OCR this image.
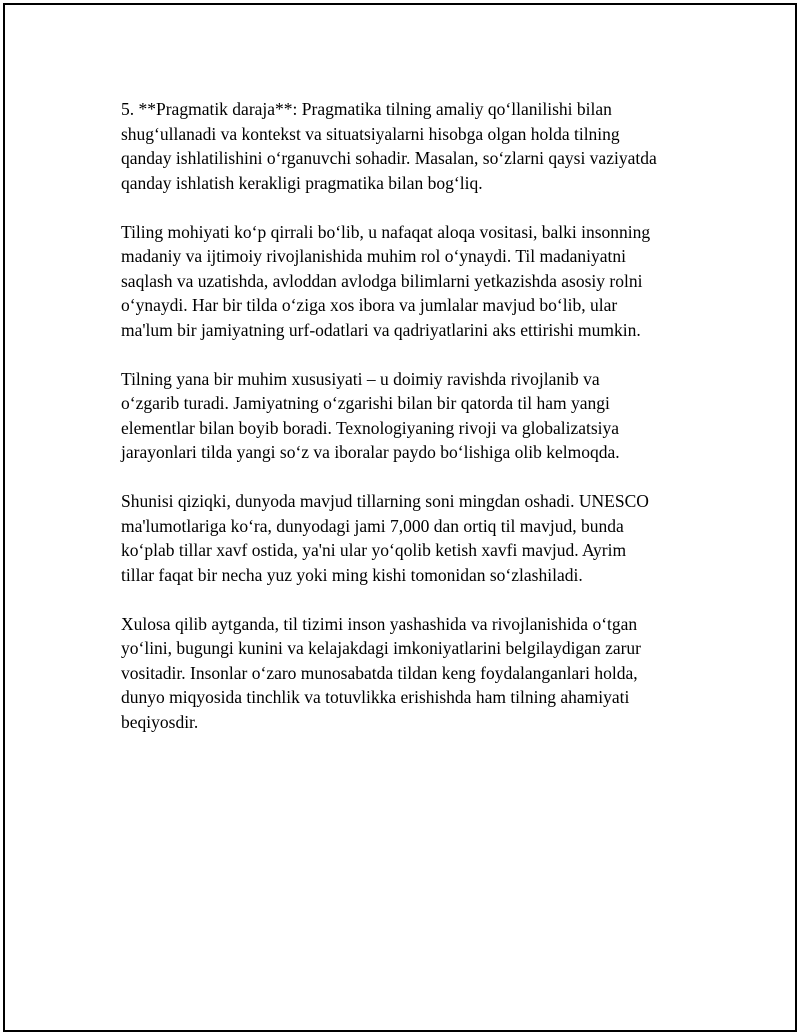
5. **Pragmatik daraja**: Pragmatika tilning amaliy qo‘llanilishi bilan
shug‘ullanadi va kontekst va situatsiyalarni hisobga olgan holda tilning
qanday ishlatilishini o‘rganuvchi sohadir. Masalan, so‘zlarni qaysi vaziyatda
qanday ishlatish kerakligi pragmatika bilan bog‘liq.

Tiling mohiyati ko‘p qirrali bo‘lib, u nafaqat aloqa vositasi, balki insonning
madaniy va ijtimoiy rivojlanishida muhim rol o‘ynaydi. Til madaniyatni
saqlash va uzatishda, avloddan avlodga bilimlarni yetkazishda asosiy rolni
o‘ynaydi. Har bir tilda o‘ziga xos ibora va jumlalar mavjud bo‘lib, ular
ma'lum bir jamiyatning urf-odatlari va qadriyatlarini aks ettirishi mumkin.

Tilning yana bir muhim xususiyati – u doimiy ravishda rivojlanib va
o‘zgarib turadi. Jamiyatning o‘zgarishi bilan bir qatorda til ham yangi
elementlar bilan boyib boradi. Texnologiyaning rivoji va globalizatsiya
jarayonlari tilda yangi so‘z va iboralar paydo bo‘lishiga olib kelmoqda.

Shunisi qiziqki, dunyoda mavjud tillarning soni mingdan oshadi. UNESCO
ma'lumotlariga ko‘ra, dunyodagi jami 7,000 dan ortiq til mavjud, bunda
ko‘plab tillar xavf ostida, ya'ni ular yo‘qolib ketish xavfi mavjud. Ayrim
tillar faqat bir necha yuz yoki ming kishi tomonidan so‘zlashiladi.

Xulosa qilib aytganda, til tizimi inson yashashida va rivojlanishida o‘tgan
yo‘lini, bugungi kunini va kelajakdagi imkoniyatlarini belgilaydigan zarur
vositadir. Insonlar o‘zaro munosabatda tildan keng foydalanganlari holda,
dunyo miqyosida tinchlik va totuvlikka erishishda ham tilning ahamiyati
beqiyosdir.
